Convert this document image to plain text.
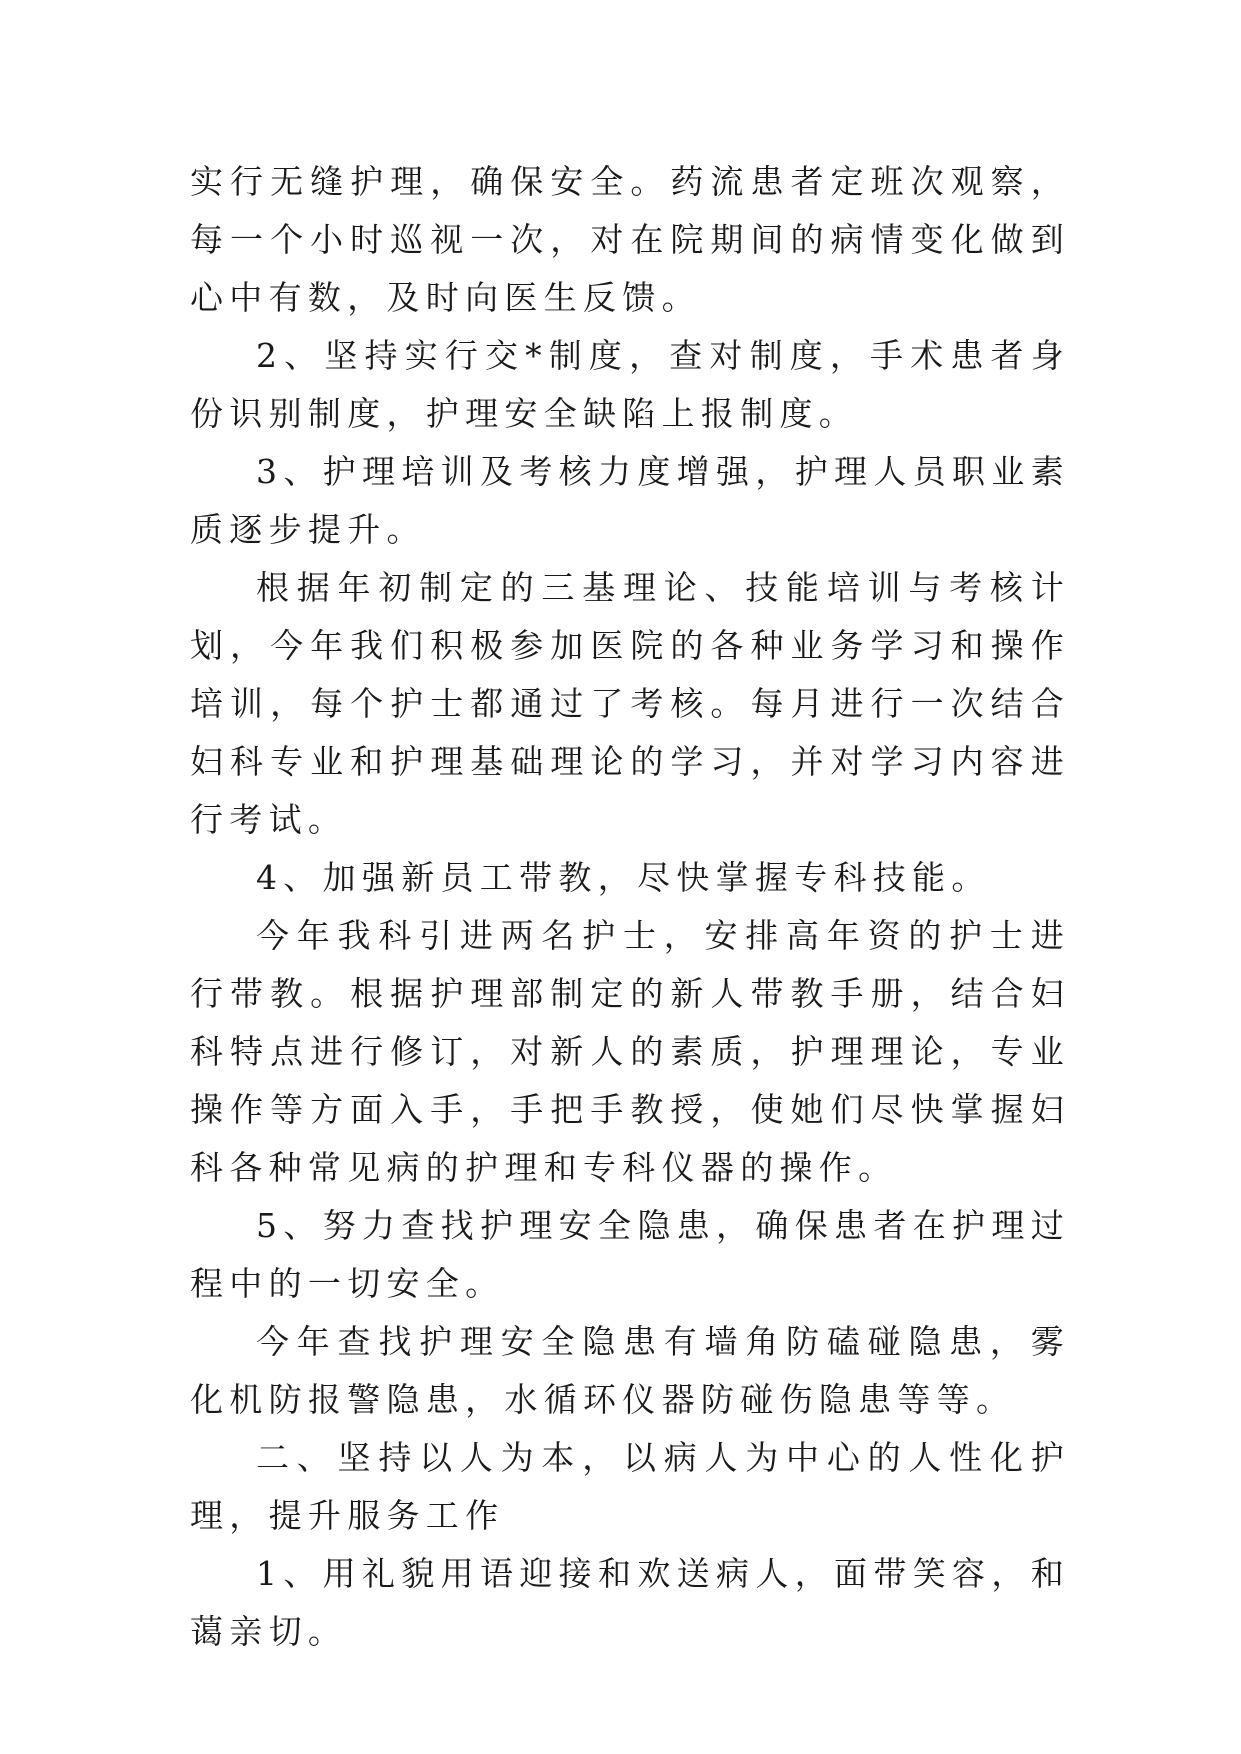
实行无缝护理，确保安全。药流患者定班次观察，每一个小时巡视一次，对在院期间的病情变化做到心中有数，及时向医生反馈。

2、坚持实行交*制度，查对制度，手术患者身份识别制度，护理安全缺陷上报制度。

3、护理培训及考核力度增强，护理人员职业素质逐步提升。

根据年初制定的三基理论、技能培训与考核计划，今年我们积极参加医院的各种业务学习和操作培训，每个护士都通过了考核。每月进行一次结合妇科专业和护理基础理论的学习，并对学习内容进行考试。

4、加强新员工带教，尽快掌握专科技能。

今年我科引进两名护士，安排高年资的护士进行带教。根据护理部制定的新人带教手册，结合妇科特点进行修订，对新人的素质，护理理论，专业操作等方面入手，手把手教授，使她们尽快掌握妇科各种常见病的护理和专科仪器的操作。

5、努力查找护理安全隐患，确保患者在护理过程中的一切安全。

今年查找护理安全隐患有墙角防磕碰隐患，雾化机防报警隐患，水循环仪器防碰伤隐患等等。

二、坚持以人为本，以病人为中心的人性化护理，提升服务工作

1、用礼貌用语迎接和欢送病人，面带笑容，和蔼亲切。
